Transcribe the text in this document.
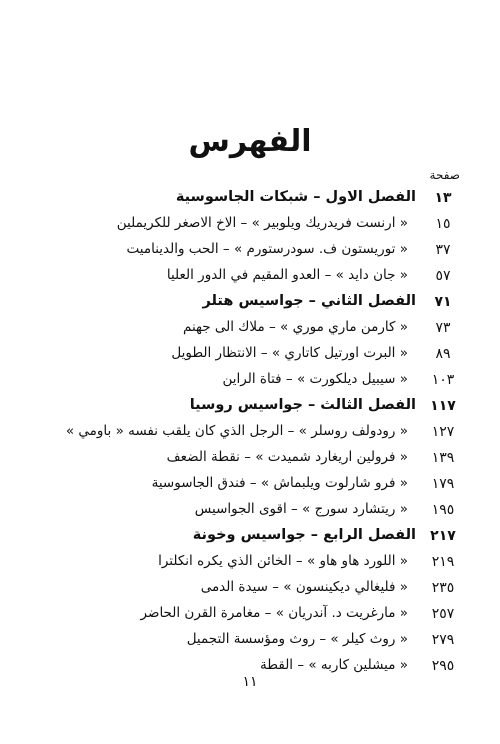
الفهرس
صفحة
١٣
الفصل الاول – شبكات الجاسوسية
١٥
« ارنست فريدريك ويلوبير » – الاخ الاصغر للكريملين
٣٧
« توريستون ف. سودرستورم » – الحب والديناميت
٥٧
« جان دايد » – العدو المقيم في الدور العليا
٧١
الفصل الثاني – جواسيس هتلر
٧٣
« كارمن ماري موري » – ملاك الى جهنم
٨٩
« البرت اورتيل كاتاري » – الانتظار الطويل
١٠٣
« سيبيل ديلكورت » – فتاة الراين
١١٧
الفصل الثالث – جواسيس روسيا
١٢٧
« رودولف روسلر » – الرجل الذي كان يلقب نفسه « باومي »
١٣٩
« فرولين اريغارد شميدت » – نقطة الضعف
١٧٩
« فرو شارلوت ويلبماش » – فندق الجاسوسية
١٩٥
« ريتشارد سورج » – اقوى الجواسيس
٢١٧
الفصل الرابع – جواسيس وخونة
٢١٩
« اللورد هاو هاو » – الخائن الذي يكره انكلترا
٢٣٥
« فليغالي ديكينسون » – سيدة الدمى
٢٥٧
« مارغريت د. آندريان » – مغامرة القرن الحاضر
٢٧٩
« روث كيلر » – روث ومؤسسة التجميل
٢٩٥
« ميشلين كاربه » – القطة
١١
